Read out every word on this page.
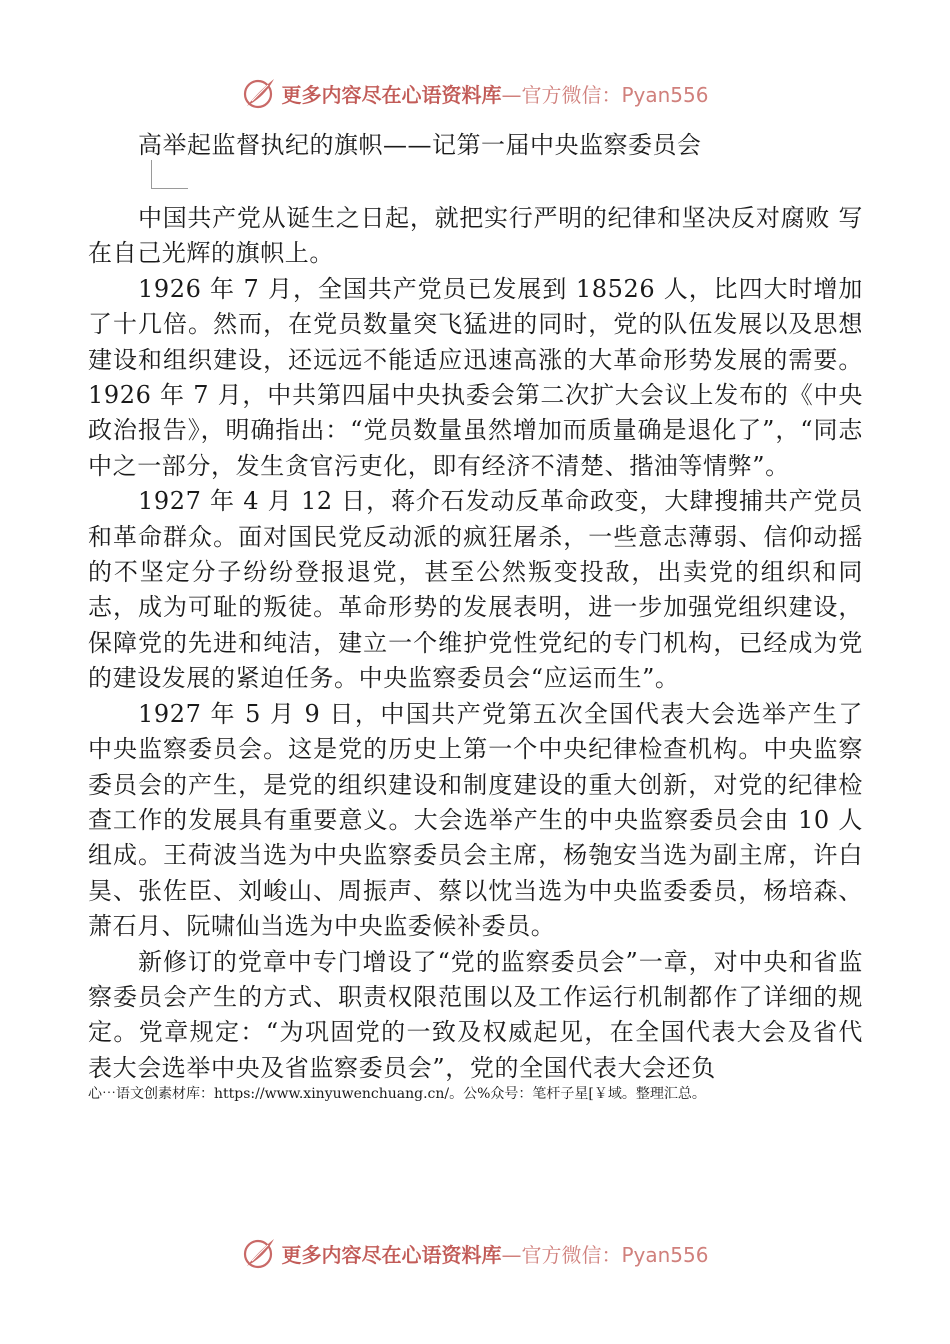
更多内容尽在心语资料库 —官方微信：Pyan556
高举起监督执纪的旗帜——记第一届中央监察委员会

中国共产党从诞生之日起，就把实行严明的纪律和坚决反对腐败 写在自己光辉的旗帜上。

1926 年 7 月，全国共产党员已发展到 18526 人，比四大时增加了十几倍。然而，在党员数量突飞猛进的同时，党的队伍发展以及思想建设和组织建设，还远远不能适应迅速高涨的大革命形势发展的需要。1926 年 7 月，中共第四届中央执委会第二次扩大会议上发布的《中央政治报告》，明确指出：“党员数量虽然增加而质量确是退化了”，“同志中之一部分，发生贪官污吏化，即有经济不清楚、揩油等情弊”。

1927 年 4 月 12 日，蒋介石发动反革命政变，大肆搜捕共产党员和革命群众。面对国民党反动派的疯狂屠杀，一些意志薄弱、信仰动摇的不坚定分子纷纷登报退党，甚至公然叛变投敌，出卖党的组织和同志，成为可耻的叛徒。革命形势的发展表明，进一步加强党组织建设，保障党的先进和纯洁，建立一个维护党性党纪的专门机构，已经成为党的建设发展的紧迫任务。中央监察委员会“应运而生”。

1927 年 5 月 9 日，中国共产党第五次全国代表大会选举产生了中央监察委员会。这是党的历史上第一个中央纪律检查机构。中央监察委员会的产生，是党的组织建设和制度建设的重大创新，对党的纪律检查工作的发展具有重要意义。大会选举产生的中央监察委员会由 10 人组成。王荷波当选为中央监察委员会主席，杨匏安当选为副主席，许白昊、张佐臣、刘峻山、周振声、蔡以忱当选为中央监委委员，杨培森、萧石月、阮啸仙当选为中央监委候补委员。

新修订的党章中专门增设了“党的监察委员会”一章，对中央和省监察委员会产生的方式、职责权限范围以及工作运行机制都作了详细的规定。党章规定：“为巩固党的一致及权威起见，在全国代表大会及省代表大会选举中央及省监察委员会”，党的全国代表大会还负

心⋯语文创素材库：https://www.xinyuwenchuang.cn/。公%众号：笔杆子星[￥域。整理汇总。
更多内容尽在心语资料库 —官方微信：Pyan556
